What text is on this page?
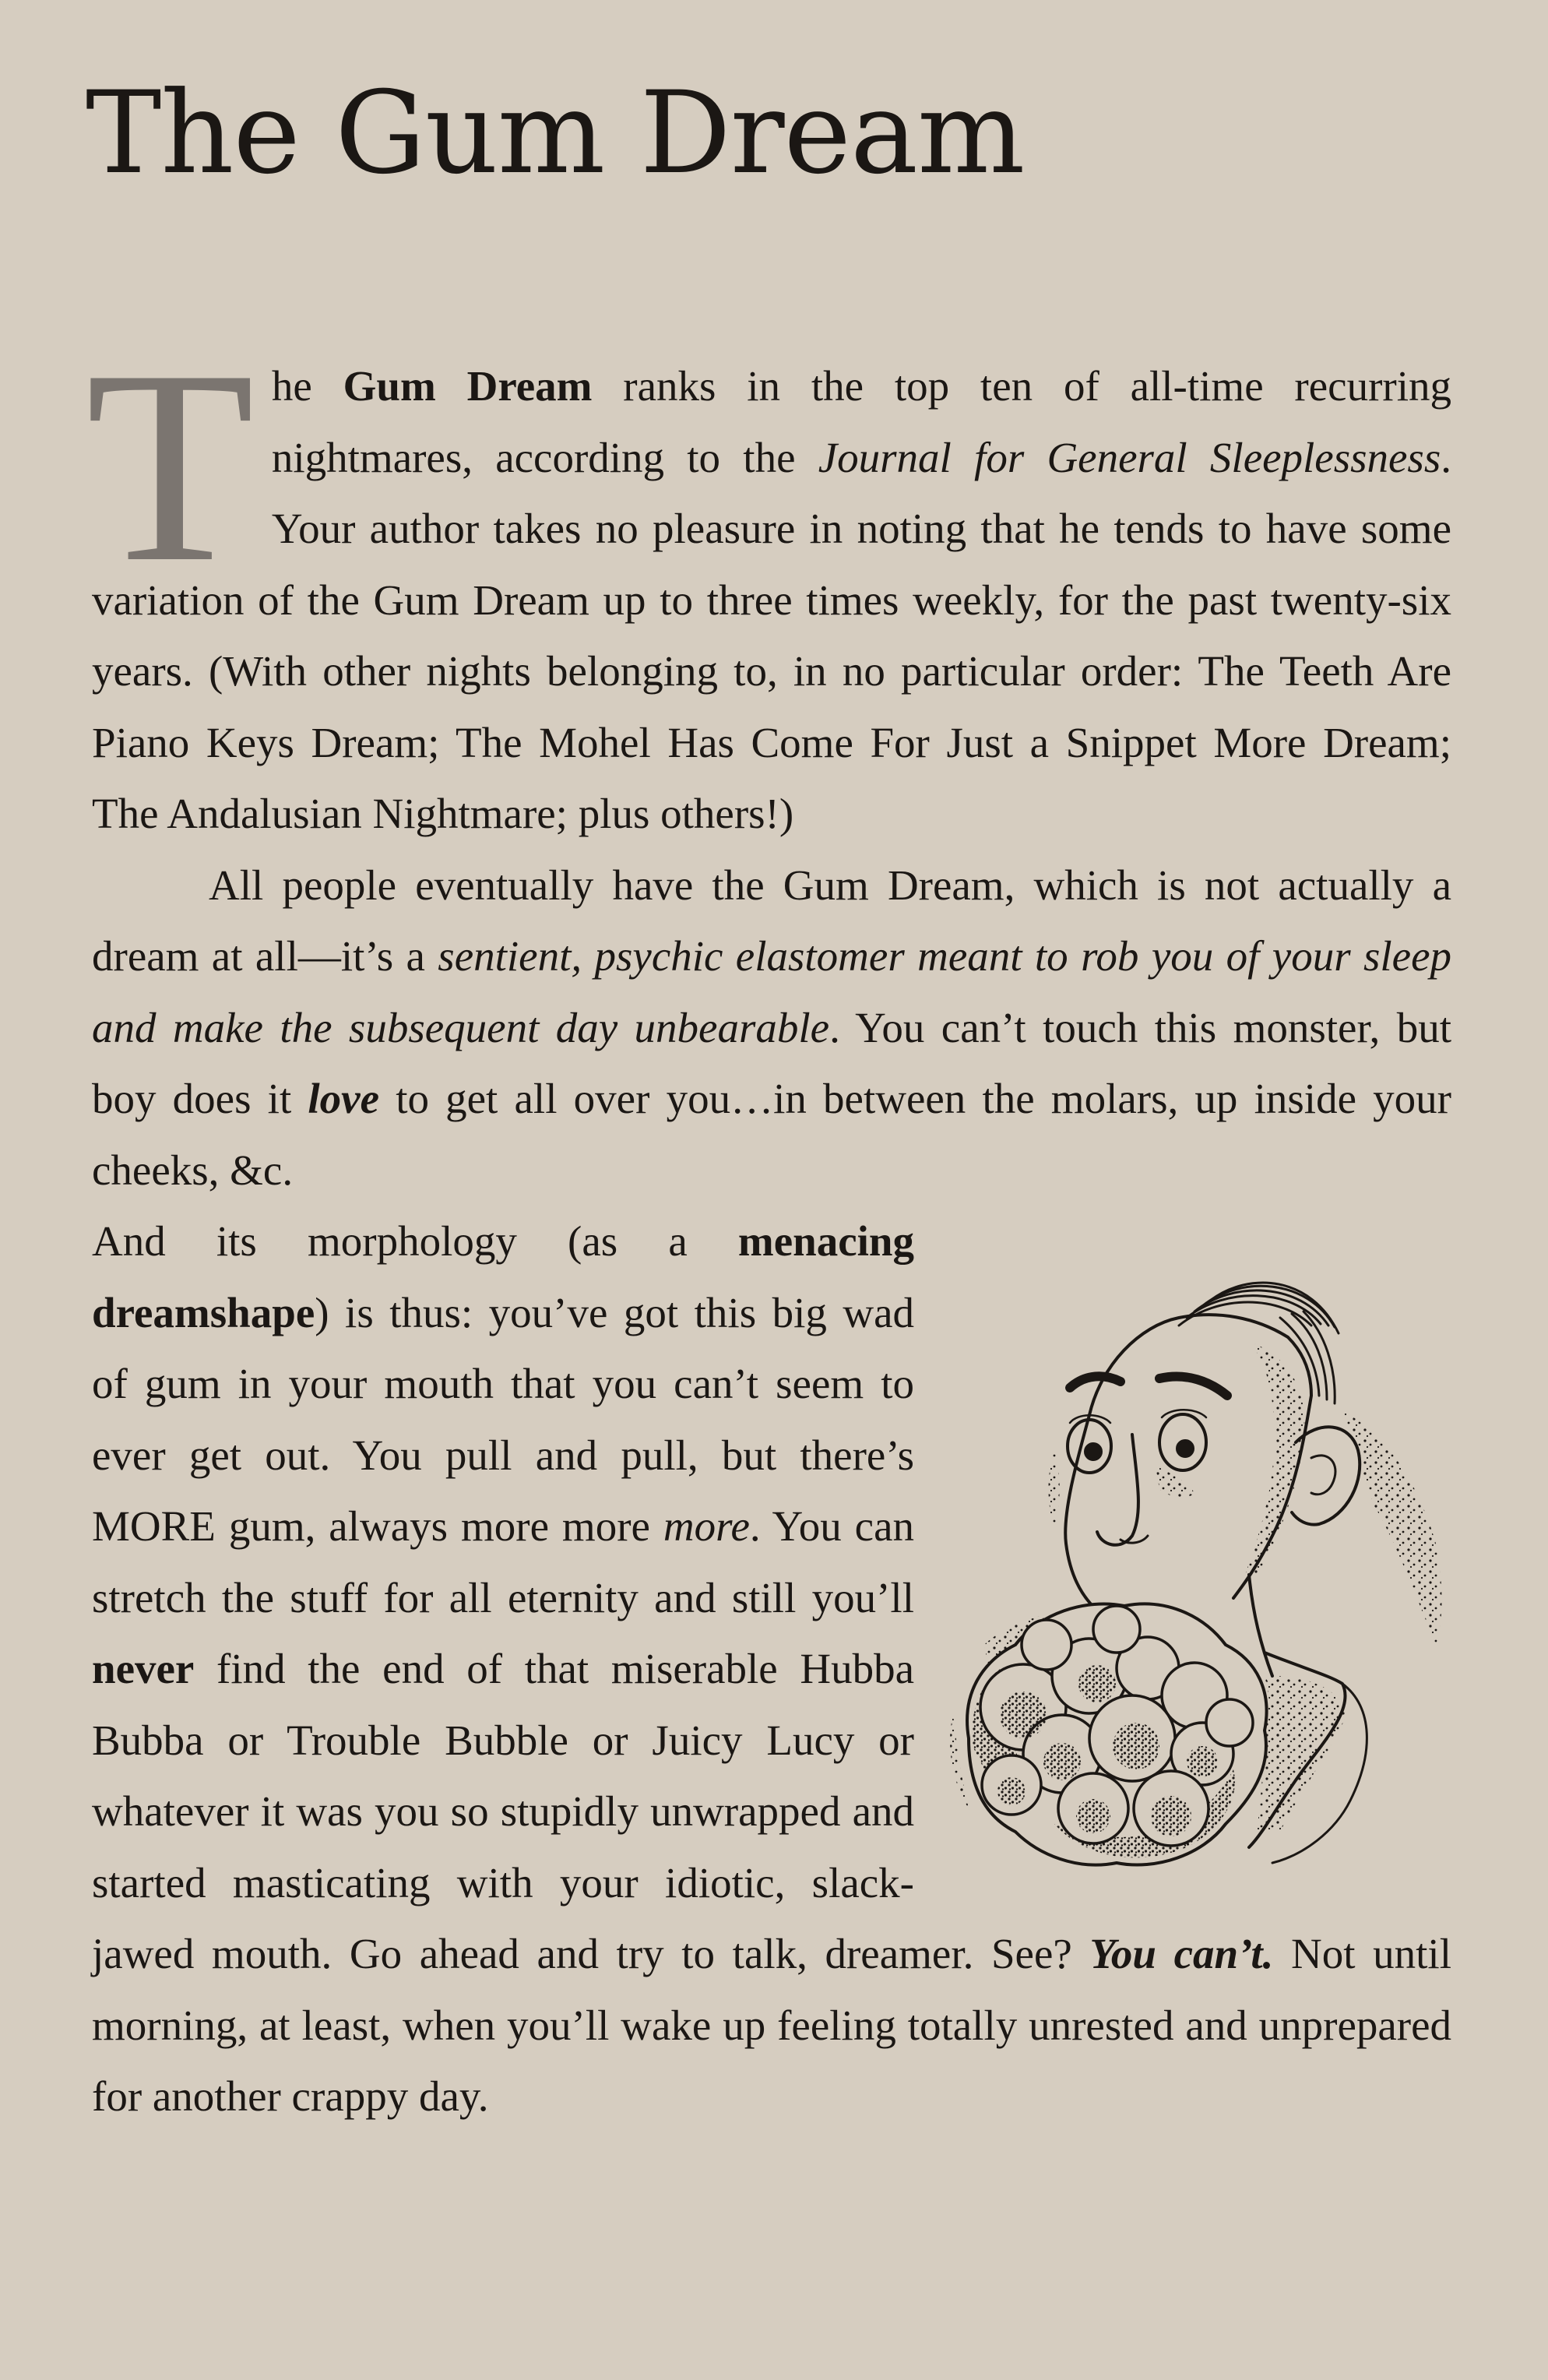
The Gum Dream

The Gum Dream ranks in the top ten of all-time recurring nightmares, according to the Journal for General Sleeplessness. Your author takes no pleasure in noting that he tends to have some variation of the Gum Dream up to three times weekly, for the past twenty-six years. (With other nights belonging to, in no particular order: The Teeth Are Piano Keys Dream; The Mohel Has Come For Just a Snippet More Dream; The Andalusian Nightmare; plus others!)

All people eventually have the Gum Dream, which is not actually a dream at all—it’s a sentient, psychic elastomer meant to rob you of your sleep and make the subsequent day unbearable. You can’t touch this monster, but boy does it love to get all over you…in between the molars, up inside your cheeks, &c.

And its morphology (as a menacing dreamshape) is thus: you’ve got this big wad of gum in your mouth that you can’t seem to ever get out. You pull and pull, but there’s MORE gum, always more more more. You can stretch the stuff for all eternity and still you’ll never find the end of that miserable Hubba Bubba or Trouble Bubble or Juicy Lucy or whatever it was you so stupidly unwrapped and started masticating with your idiotic, slack-jawed mouth. Go ahead and try to talk, dreamer. See? You can’t. Not until morning, at least, when you’ll wake up feeling totally unrested and unprepared for another crappy day.
